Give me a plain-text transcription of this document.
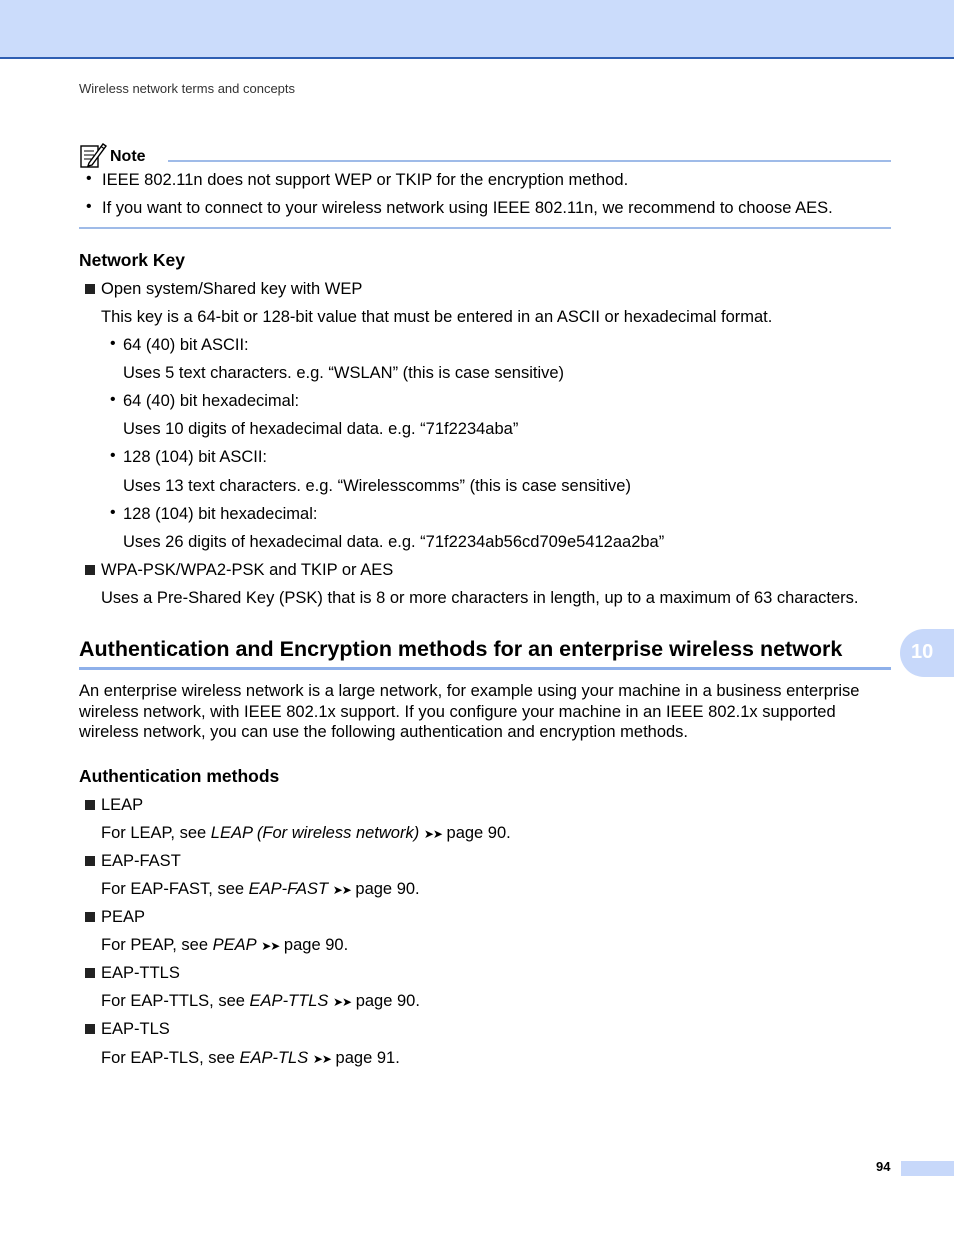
Wireless network terms and concepts
Note
• IEEE 802.11n does not support WEP or TKIP for the encryption method.
• If you want to connect to your wireless network using IEEE 802.11n, we recommend to choose AES.
Network Key
Open system/Shared key with WEP
This key is a 64-bit or 128-bit value that must be entered in an ASCII or hexadecimal format.
• 64 (40) bit ASCII:
Uses 5 text characters. e.g. “WSLAN” (this is case sensitive)
• 64 (40) bit hexadecimal:
Uses 10 digits of hexadecimal data. e.g. “71f2234aba”
• 128 (104) bit ASCII:
Uses 13 text characters. e.g. “Wirelesscomms” (this is case sensitive)
• 128 (104) bit hexadecimal:
Uses 26 digits of hexadecimal data. e.g. “71f2234ab56cd709e5412aa2ba”
WPA-PSK/WPA2-PSK and TKIP or AES
Uses a Pre-Shared Key (PSK) that is 8 or more characters in length, up to a maximum of 63 characters.
Authentication and Encryption methods for an enterprise wireless network	10
An enterprise wireless network is a large network, for example using your machine in a business enterprise wireless network, with IEEE 802.1x support. If you configure your machine in an IEEE 802.1x supported wireless network, you can use the following authentication and encryption methods.
Authentication methods
LEAP
For LEAP, see LEAP (For wireless network) ➤➤ page 90.
EAP-FAST
For EAP-FAST, see EAP-FAST ➤➤ page 90.
PEAP
For PEAP, see PEAP ➤➤ page 90.
EAP-TTLS
For EAP-TTLS, see EAP-TTLS ➤➤ page 90.
EAP-TLS
For EAP-TLS, see EAP-TLS ➤➤ page 91.
94
